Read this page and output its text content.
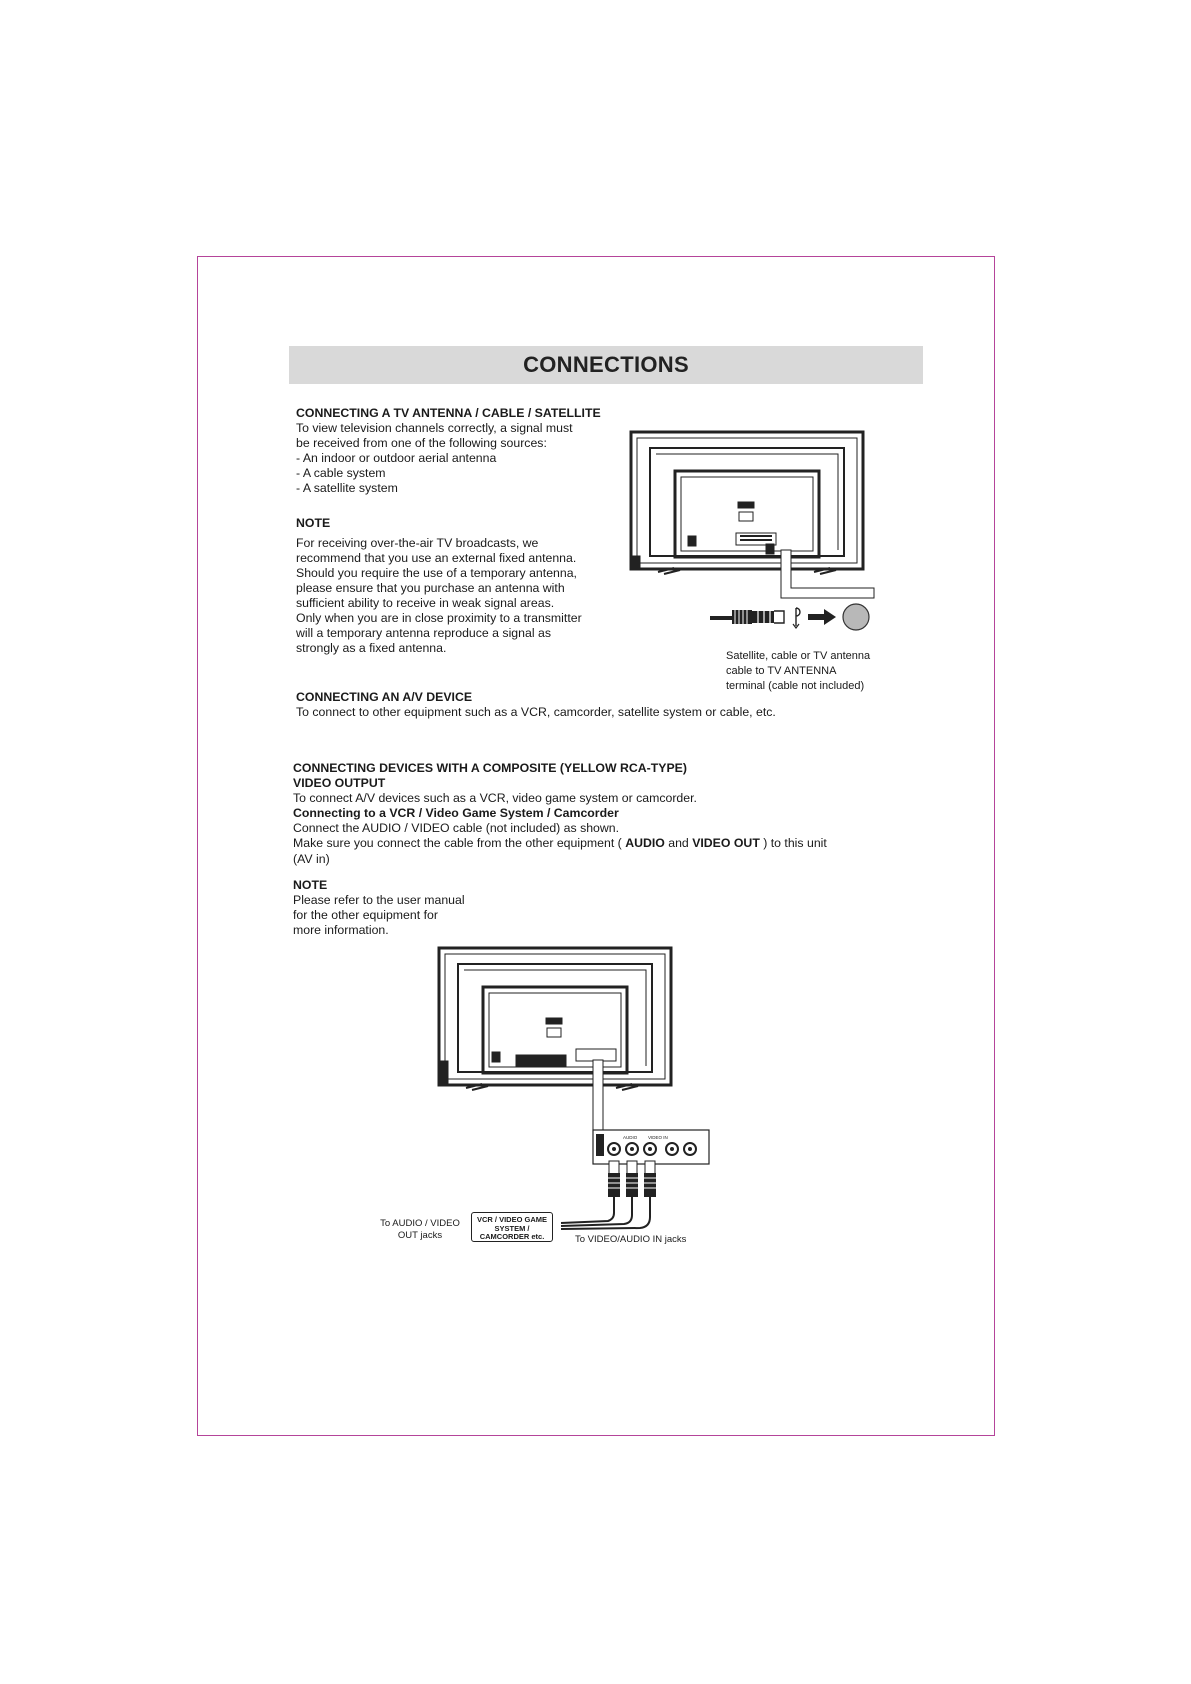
CONNECTIONS

CONNECTING A TV ANTENNA / CABLE / SATELLITE

To view television channels correctly, a signal must

be received from one of the following sources:

- An indoor or outdoor aerial antenna

- A cable system

- A satellite system

NOTE

For receiving over-the-air TV broadcasts, we

recommend that you use an external fixed antenna.

Should you require the use of a temporary antenna,

please ensure that you purchase an antenna with

sufficient ability to receive in weak signal areas.

Only when you are in close proximity to a transmitter

will a temporary antenna reproduce a signal as

strongly as a fixed antenna.

Satellite, cable or TV antenna

cable to TV ANTENNA

terminal (cable not included)

CONNECTING AN A/V DEVICE

To connect to other equipment such as a VCR, camcorder, satellite system or cable, etc.

CONNECTING DEVICES WITH A COMPOSITE (YELLOW RCA-TYPE)

VIDEO OUTPUT

To connect A/V devices such as a VCR, video game system or camcorder.

Connecting to a VCR / Video Game System / Camcorder

Connect the AUDIO / VIDEO cable (not included) as shown.

Make sure you connect the cable from the other equipment ( AUDIO and VIDEO OUT ) to this unit

(AV in)

NOTE

Please refer to the user manual

for the other equipment for

more information.

AUDIO VIDEO IN

VCR / VIDEO GAME

SYSTEM /

CAMCORDER etc.

To AUDIO / VIDEO

OUT jacks	To VIDEO/AUDIO IN jacks
